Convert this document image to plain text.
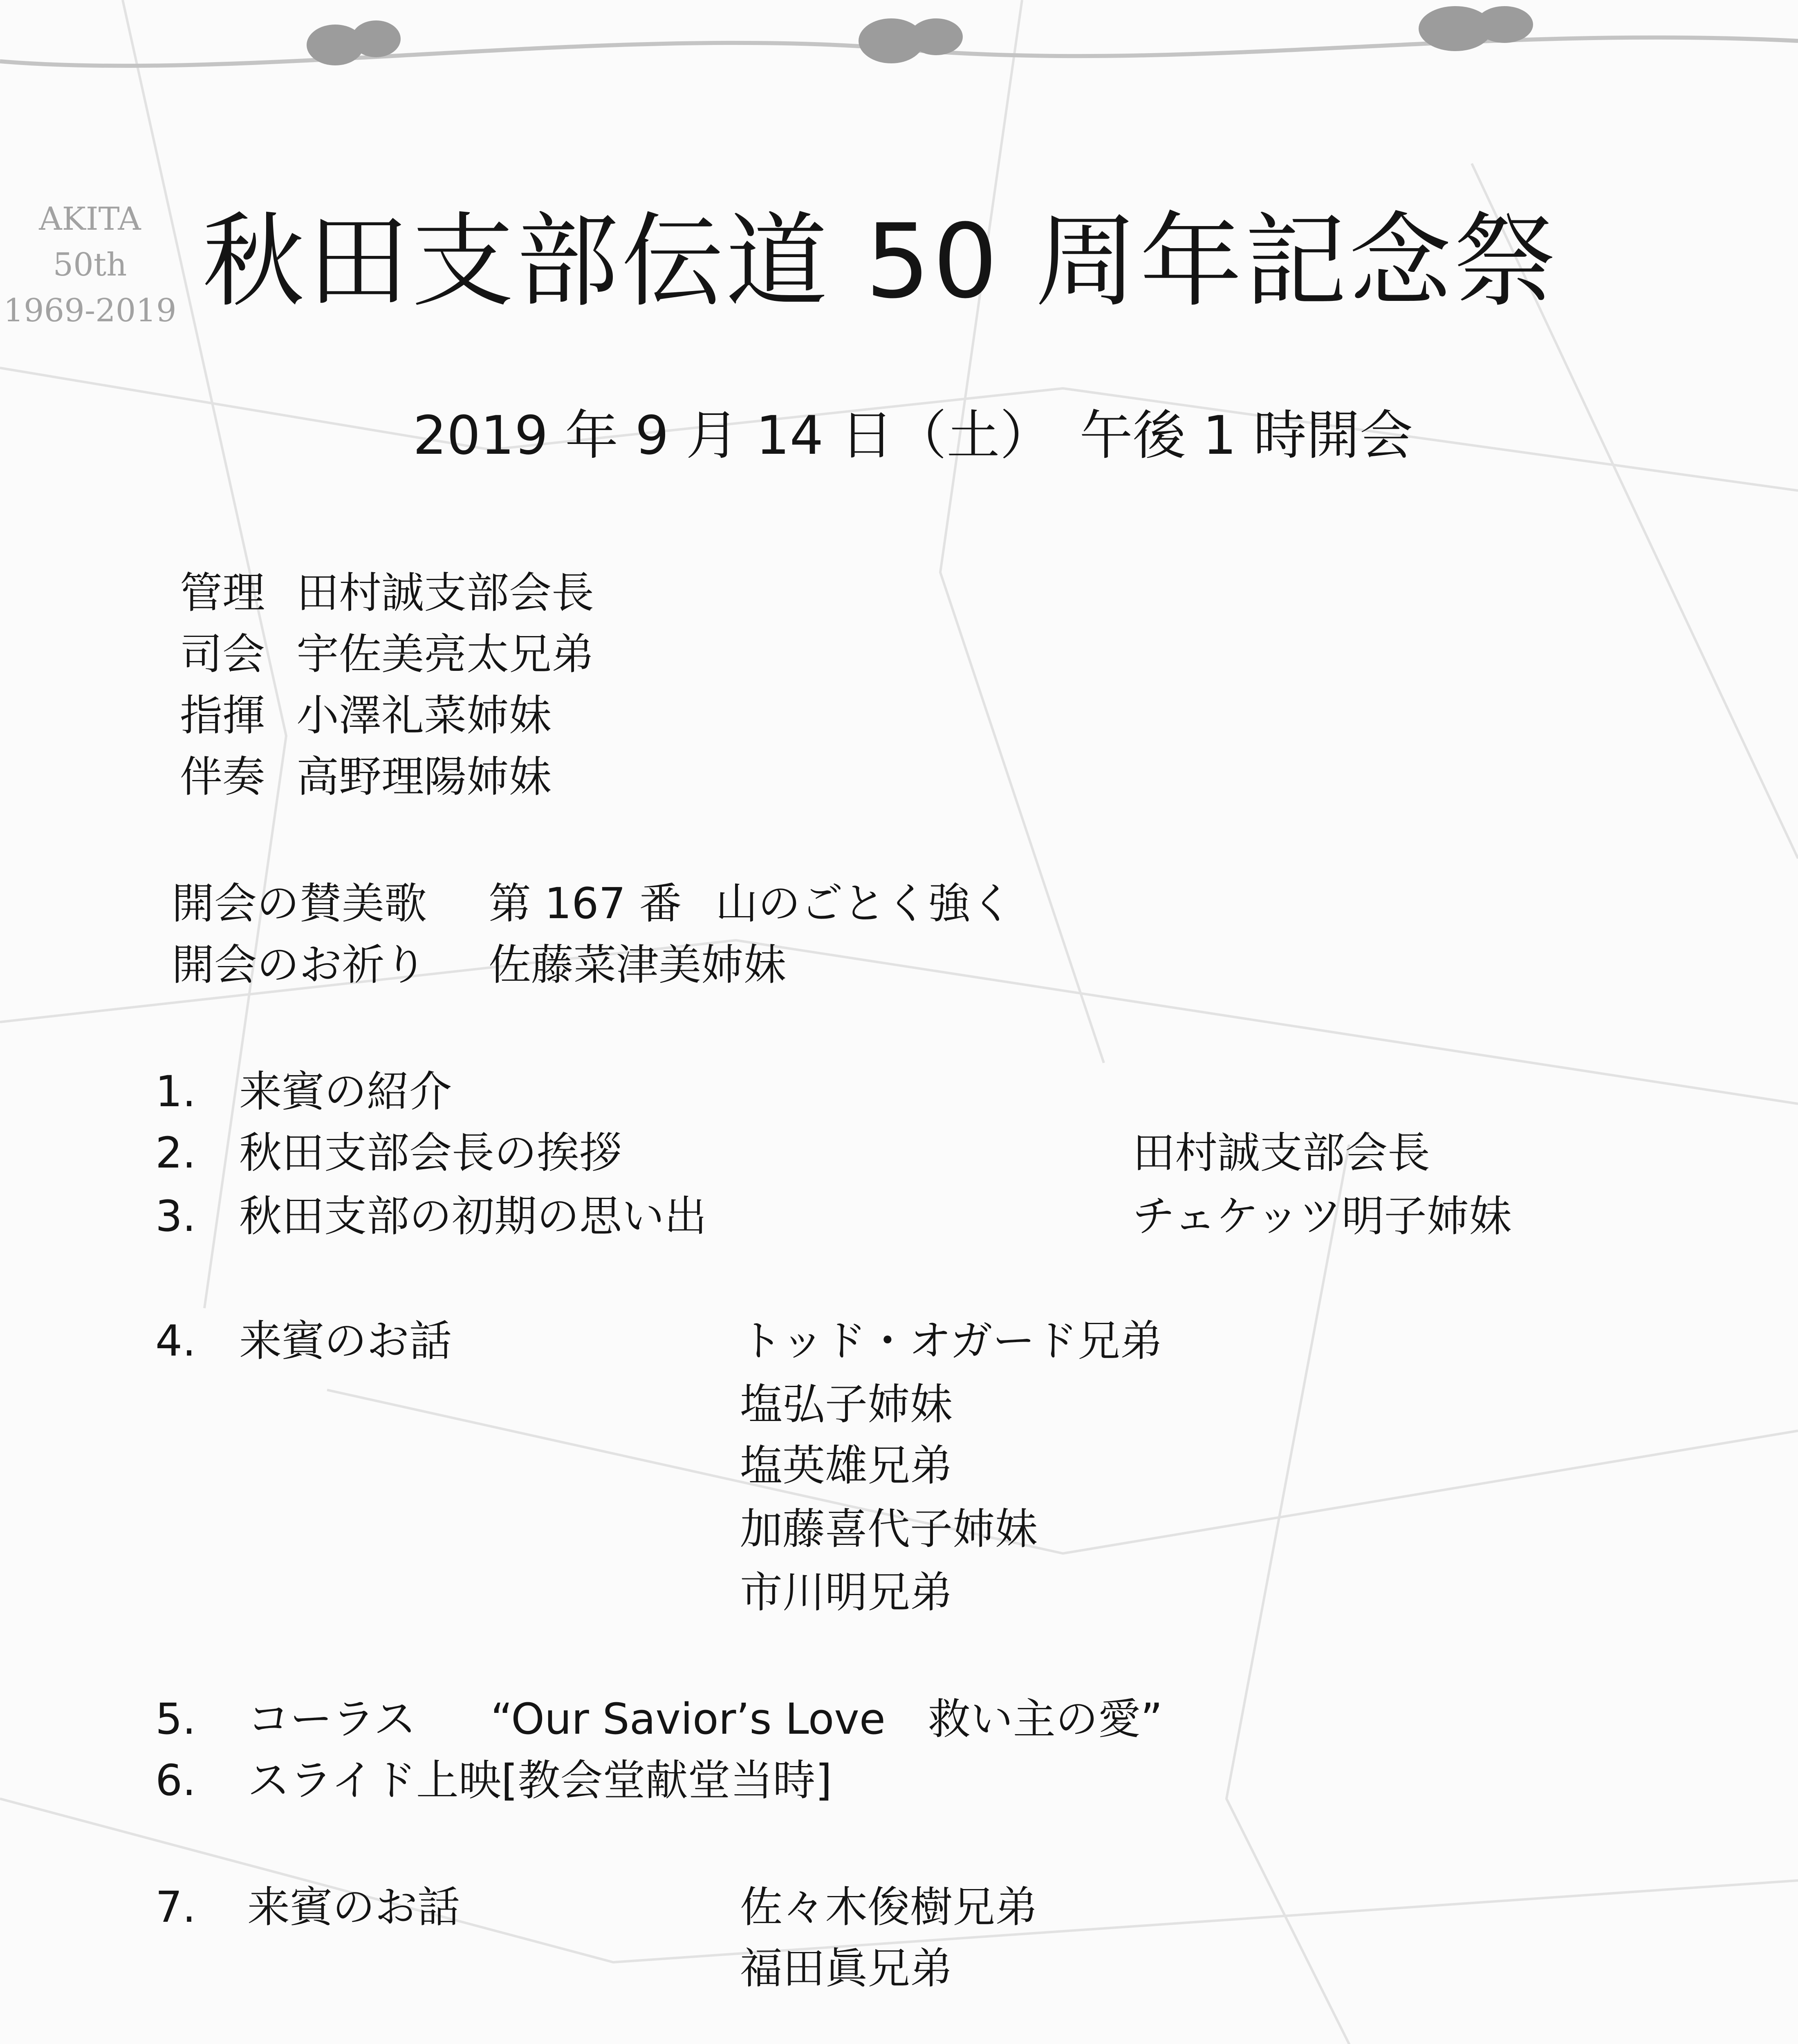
AKITA
50th
1969-2019 秋田支部伝道 50 周年記念祭
2019 年 9 月 14 日（土）　午後 1 時開会
管理 田村誠支部会長
司会 宇佐美亮太兄弟
指揮 小澤礼菜姉妹
伴奏 高野理陽姉妹
開会の賛美歌 第 167 番 山のごとく強く
開会のお祈り 佐藤菜津美姉妹
1.	来賓の紹介
2.	秋田支部会長の挨拶	田村誠支部会長
3.	秋田支部の初期の思い出	チェケッツ明子姉妹
4.	来賓のお話	トッド・オガード兄弟
塩弘子姉妹
塩英雄兄弟
加藤喜代子姉妹
市川明兄弟
5.	コーラス “Our Savior’s Love　救い主の愛”
6.	スライド上映[教会堂献堂当時]
7.	来賓のお話	佐々木俊樹兄弟
福田眞兄弟
